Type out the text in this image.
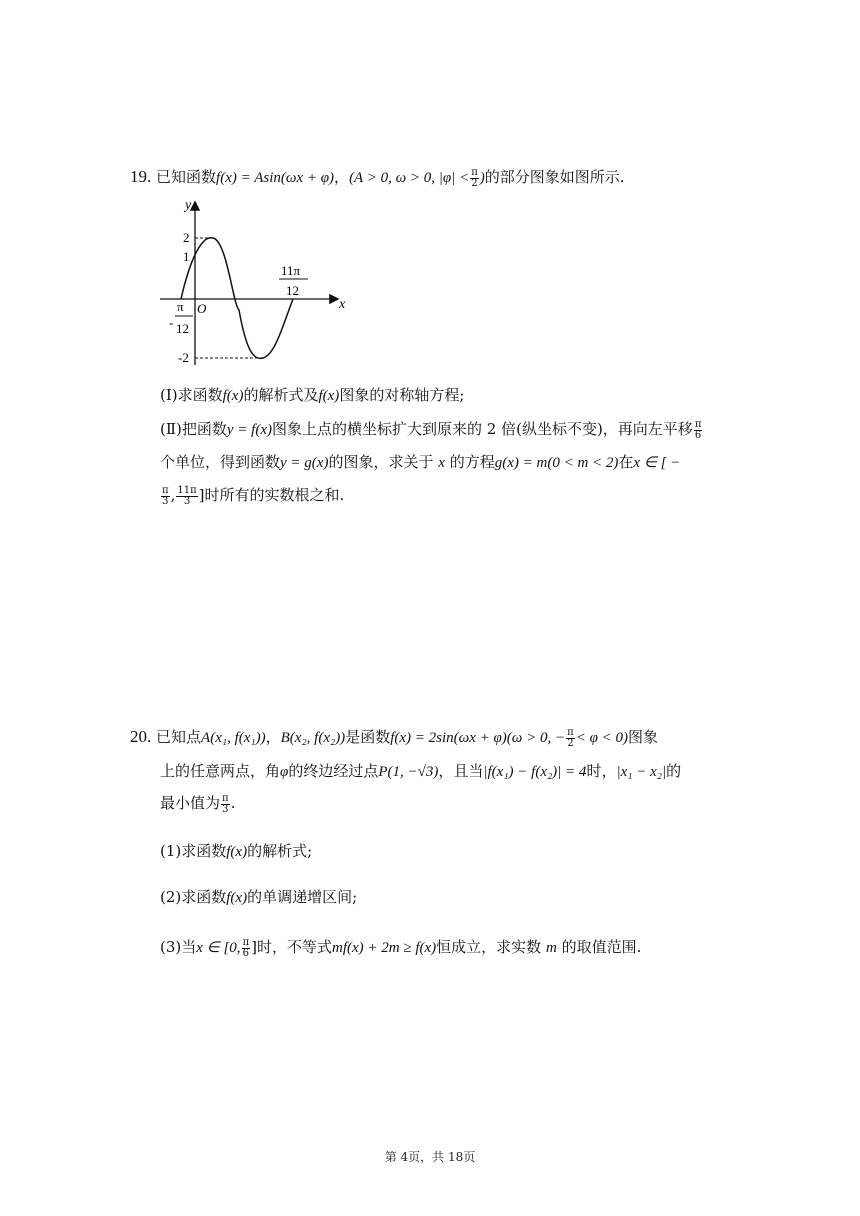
19. 已知函数f(x) = Asin(ωx + φ)，(A > 0, ω > 0, $|\varphi| < \frac{\pi}{2}$ )的部分图象如图所示.
y
x
O
2
1
-2
-
π
12
11π
12
(Ⅰ)求函数f(x)的解析式及f(x)图象的对称轴方程;
(Ⅱ)把函数y = f(x)图象上点的横坐标扩大到原来的 2 倍(纵坐标不变)，再向左平移 $\frac{\pi}{6}$
个单位，得到函数y = g(x)的图象，求关于 x 的方程g(x) = m(0 < m < 2)在x ∈ [ −
$\frac{\pi}{3}$ , $\frac{11\pi}{3}$ ]时所有的实数根之和.
20. 已知点A(x₁, f(x₁))，B(x₂, f(x₂))是函数f(x) = 2sin(ωx + φ)(ω > 0, − $\frac{\pi}{2} < \varphi < 0$)图象
上的任意两点，角φ的终边经过点P(1, −√3)，且当|f(x₁) − f(x₂)| = 4时，|x₁ − x₂|的
最小值为 $\frac{\pi}{3}$ .
(1)求函数f(x)的解析式;
(2)求函数f(x)的单调递增区间;
(3)当x ∈ [0, $\frac{\pi}{6}$ ]时，不等式mf(x) + 2m ≥ f(x)恒成立，求实数 m 的取值范围.
第 4页，共 18页
